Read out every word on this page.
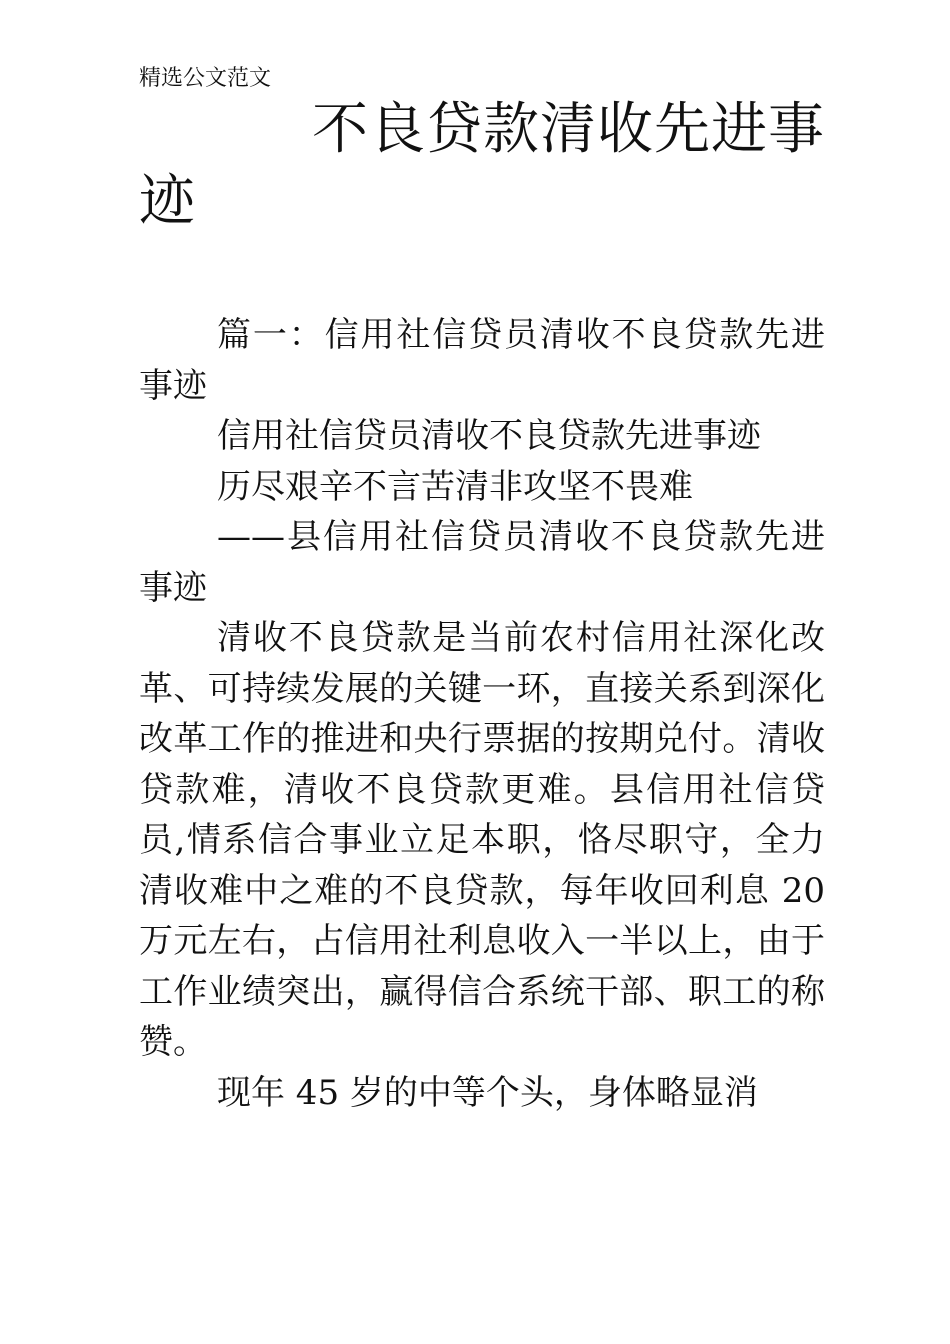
精选公文范文
不良贷款清收先进事迹

篇一：信用社信贷员清收不良贷款先进事迹

信用社信贷员清收不良贷款先进事迹

历尽艰辛不言苦清非攻坚不畏难

——县信用社信贷员清收不良贷款先进事迹

清收不良贷款是当前农村信用社深化改革、可持续发展的关键一环，直接关系到深化改革工作的推进和央行票据的按期兑付。清收贷款难，清收不良贷款更难。县信用社信贷员,情系信合事业立足本职，恪尽职守，全力清收难中之难的不良贷款，每年收回利息 20 万元左右，占信用社利息收入一半以上，由于工作业绩突出，赢得信合系统干部、职工的称赞。

现年 45 岁的中等个头，身体略显消
